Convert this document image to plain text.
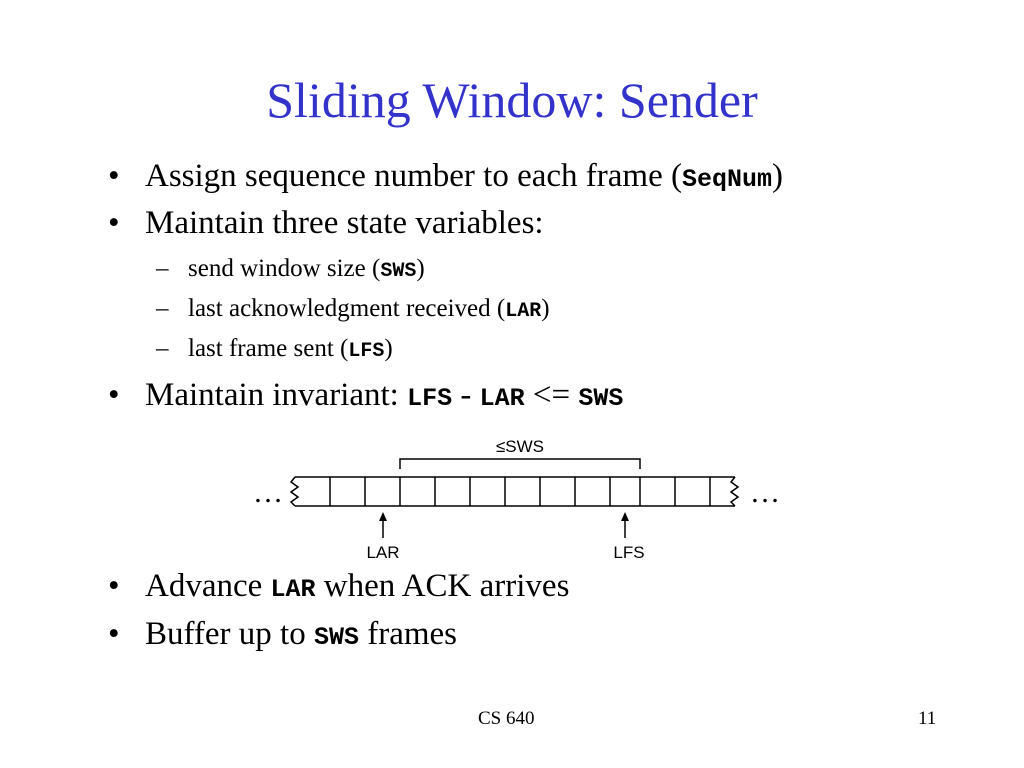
Sliding Window: Sender
• Assign sequence number to each frame (SeqNum)
• Maintain three state variables:
– send window size (SWS)
– last acknowledgment received (LAR)
– last frame sent (LFS)
• Maintain invariant: LFS - LAR <= SWS
≤SWS
…	…
LAR	LFS
• Advance LAR when ACK arrives
• Buffer up to SWS frames
CS 640	11
